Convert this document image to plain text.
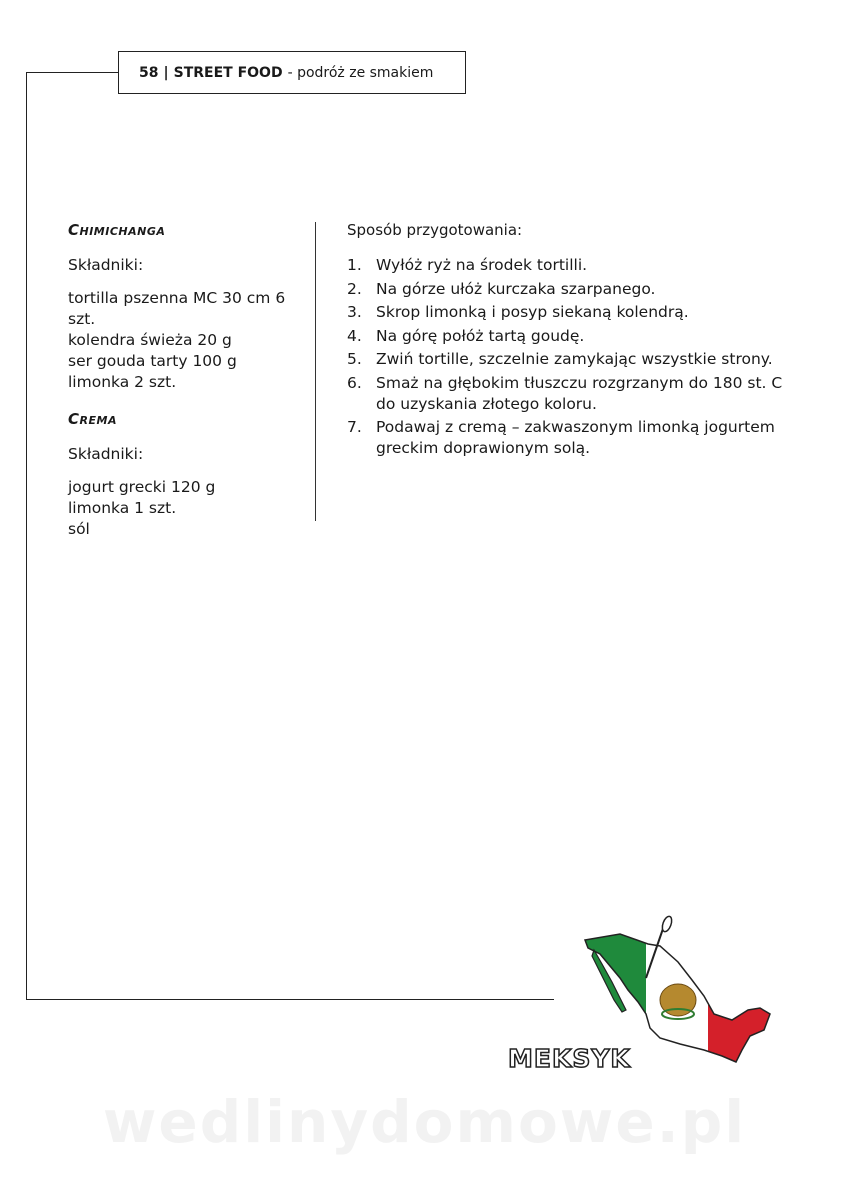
58 | STREET FOOD - podróż ze smakiem
Chimichanga
Składniki:
tortilla pszenna MC 30 cm 6 szt.
kolendra świeża 20 g
ser gouda tarty 100 g
limonka 2 szt.
Crema
Składniki:
jogurt grecki 120 g
limonka 1 szt.
sól
Sposób przygotowania:
1. Wyłóż ryż na środek tortilli.
2. Na górze ułóż kurczaka szarpanego.
3. Skrop limonką i posyp siekaną kolendrą.
4. Na górę połóż tartą goudę.
5. Zwiń tortille, szczelnie zamykając wszystkie strony.
6. Smaż na głębokim tłuszczu rozgrzanym do 180 st. C do uzyskania złotego koloru.
7. Podawaj z cremą – zakwaszonym limonką jogurtem greckim doprawionym solą.
MEKSYK
wedlinydomowe.pl
